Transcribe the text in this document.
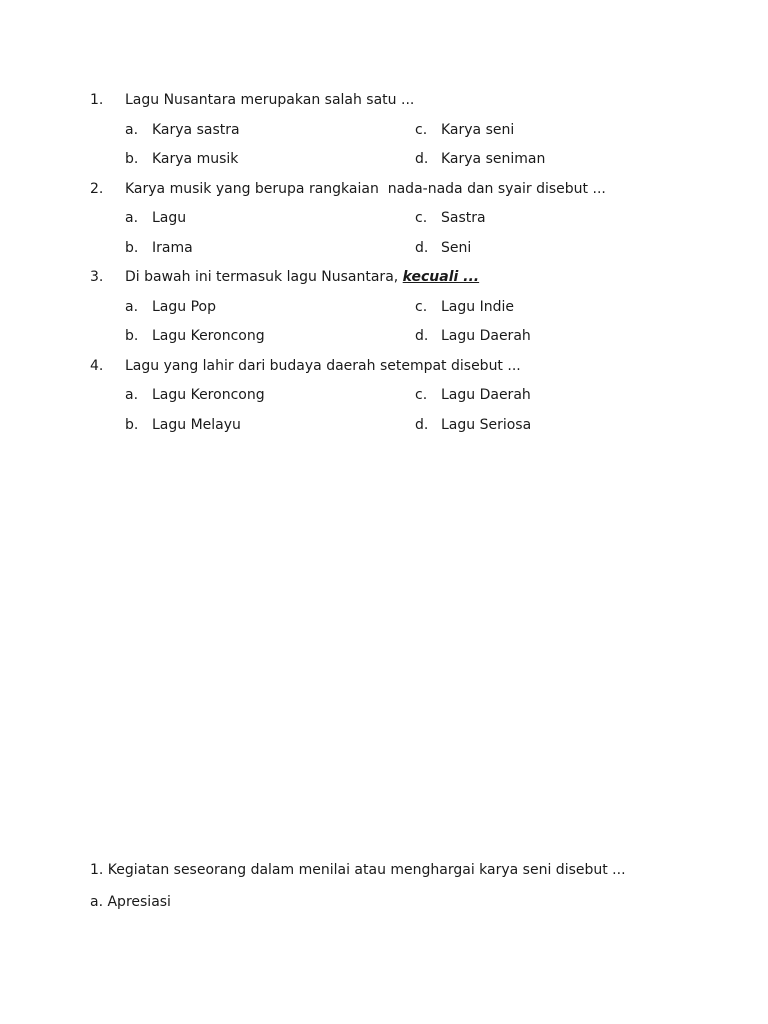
1. Lagu Nusantara merupakan salah satu ...
a. Karya sastra	c. Karya seni
b. Karya musik	d. Karya seniman
2. Karya musik yang berupa rangkaian  nada-nada dan syair disebut ...
a. Lagu	c. Sastra
b. Irama	d. Seni
3. Di bawah ini termasuk lagu Nusantara, kecuali ...
a. Lagu Pop	c. Lagu Indie
b. Lagu Keroncong	d. Lagu Daerah
4. Lagu yang lahir dari budaya daerah setempat disebut ...
a. Lagu Keroncong	c. Lagu Daerah
b. Lagu Melayu	d. Lagu Seriosa
1. Kegiatan seseorang dalam menilai atau menghargai karya seni disebut ...
a. Apresiasi
